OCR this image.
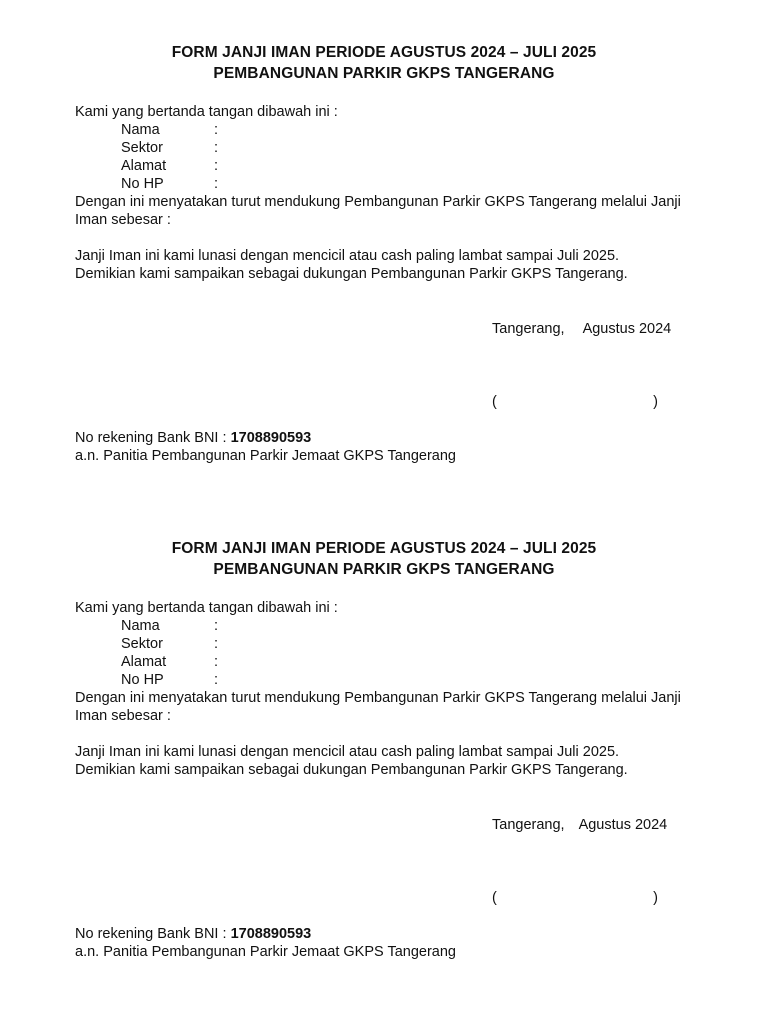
FORM JANJI IMAN PERIODE AGUSTUS 2024 – JULI 2025

PEMBANGUNAN PARKIR GKPS TANGERANG

Kami yang bertanda tangan dibawah ini :
Nama	:
Sektor	:
Alamat	:
No HP	:
Dengan ini menyatakan turut mendukung Pembangunan Parkir GKPS Tangerang melalui Janji Iman sebesar :
Janji Iman ini kami lunasi dengan mencicil atau cash paling lambat sampai Juli 2025.
Demikian kami sampaikan sebagai dukungan Pembangunan Parkir GKPS Tangerang.
Tangerang, Agustus 2024
(	)
No rekening Bank BNI : 1708890593
a.n. Panitia Pembangunan Parkir Jemaat GKPS Tangerang

FORM JANJI IMAN PERIODE AGUSTUS 2024 – JULI 2025

PEMBANGUNAN PARKIR GKPS TANGERANG

Kami yang bertanda tangan dibawah ini :
Nama	:
Sektor	:
Alamat	:
No HP	:
Dengan ini menyatakan turut mendukung Pembangunan Parkir GKPS Tangerang melalui Janji Iman sebesar :
Janji Iman ini kami lunasi dengan mencicil atau cash paling lambat sampai Juli 2025.
Demikian kami sampaikan sebagai dukungan Pembangunan Parkir GKPS Tangerang.
Tangerang, Agustus 2024
(	)
No rekening Bank BNI : 1708890593
a.n. Panitia Pembangunan Parkir Jemaat GKPS Tangerang
